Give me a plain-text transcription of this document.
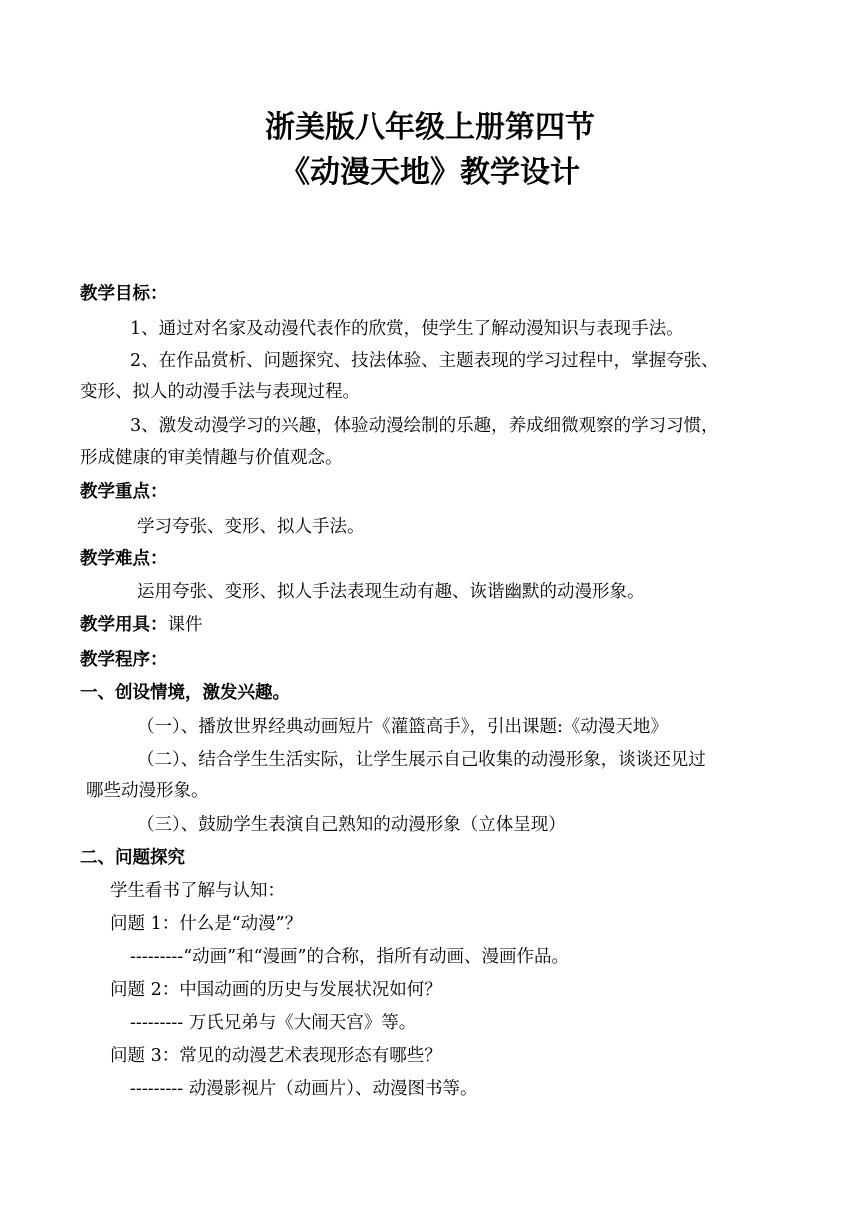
浙美版八年级上册第四节
《动漫天地》教学设计
教学目标：
1、通过对名家及动漫代表作的欣赏，使学生了解动漫知识与表现手法。
2、在作品赏析、问题探究、技法体验、主题表现的学习过程中，掌握夸张、
变形、拟人的动漫手法与表现过程。
3、激发动漫学习的兴趣，体验动漫绘制的乐趣，养成细微观察的学习习惯，
形成健康的审美情趣与价值观念。
教学重点：
学习夸张、变形、拟人手法。
教学难点：
运用夸张、变形、拟人手法表现生动有趣、诙谐幽默的动漫形象。
教学用具：课件
教学程序：
一、创设情境，激发兴趣。
（一）、播放世界经典动画短片《灌篮高手》，引出课题:《动漫天地》
（二）、结合学生生活实际，让学生展示自己收集的动漫形象，谈谈还见过
哪些动漫形象。
（三）、鼓励学生表演自己熟知的动漫形象（立体呈现）
二、问题探究
学生看书了解与认知：
问题 1：什么是“动漫”？
---------“动画”和“漫画”的合称，指所有动画、漫画作品。
问题 2：中国动画的历史与发展状况如何？
--------- 万氏兄弟与《大闹天宫》等。
问题 3：常见的动漫艺术表现形态有哪些？
--------- 动漫影视片（动画片）、动漫图书等。
